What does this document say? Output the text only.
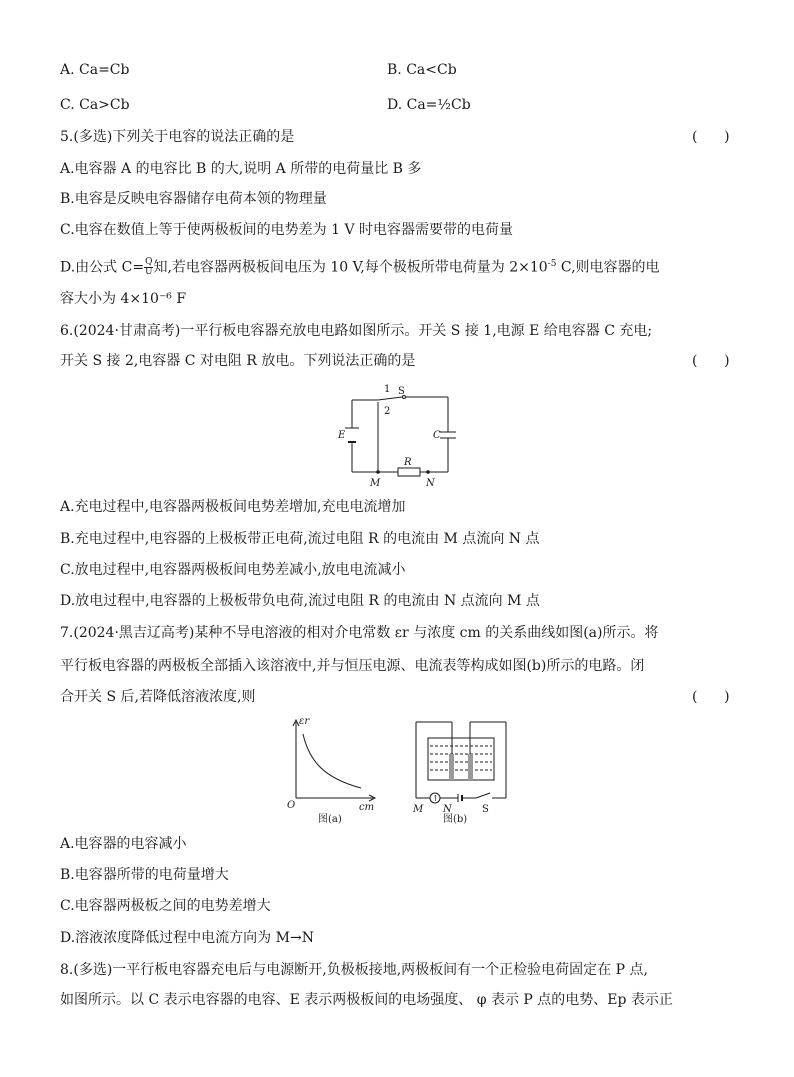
A. Ca=Cb	B. Ca<Cb
C. Ca>Cb	D. Ca=½Cb
5.(多选)下列关于电容的说法正确的是	(      )
A.电容器 A 的电容比 B 的大,说明 A 所带的电荷量比 B 多
B.电容是反映电容器储存电荷本领的物理量
C.电容在数值上等于使两极板间的电势差为 1 V 时电容器需要带的电荷量
D.由公式 $C= \frac{Q}{U}$ 知,若电容器两极板间电压为 10 V,每个极板所带电荷量为 $2\times 10^{-5}$ C,则电容器的电
容大小为 4×10⁻⁶ F
6.(2024·甘肃高考)一平行板电容器充放电电路如图所示。开关 S 接 1,电源 E 给电容器 C 充电;
开关 S 接 2,电容器 C 对电阻 R 放电。下列说法正确的是	(      )
1
2
S
E	C
M
R
N
A.充电过程中,电容器两极板间电势差增加,充电电流增加
B.充电过程中,电容器的上极板带正电荷,流过电阻 R 的电流由 M 点流向 N 点
C.放电过程中,电容器两极板间电势差减小,放电电流减小
D.放电过程中,电容器的上极板带负电荷,流过电阻 R 的电流由 N 点流向 M 点
7.(2024·黑吉辽高考)某种不导电溶液的相对介电常数 εr 与浓度 cm 的关系曲线如图(a)所示。将
平行板电容器的两极板全部插入该溶液中,并与恒压电源、电流表等构成如图(b)所示的电路。闭
合开关 S 后,若降低溶液浓度,则	(      )
εr
O	cm
图(a)
↑
M N	S
图(b)
A.电容器的电容减小
B.电容器所带的电荷量增大
C.电容器两极板之间的电势差增大
D.溶液浓度降低过程中电流方向为 M→N
8.(多选)一平行板电容器充电后与电源断开,负极板接地,两极板间有一个正检验电荷固定在 P 点,
如图所示。以 C 表示电容器的电容、E 表示两极板间的电场强度、 φ 表示 P 点的电势、Ep 表示正
